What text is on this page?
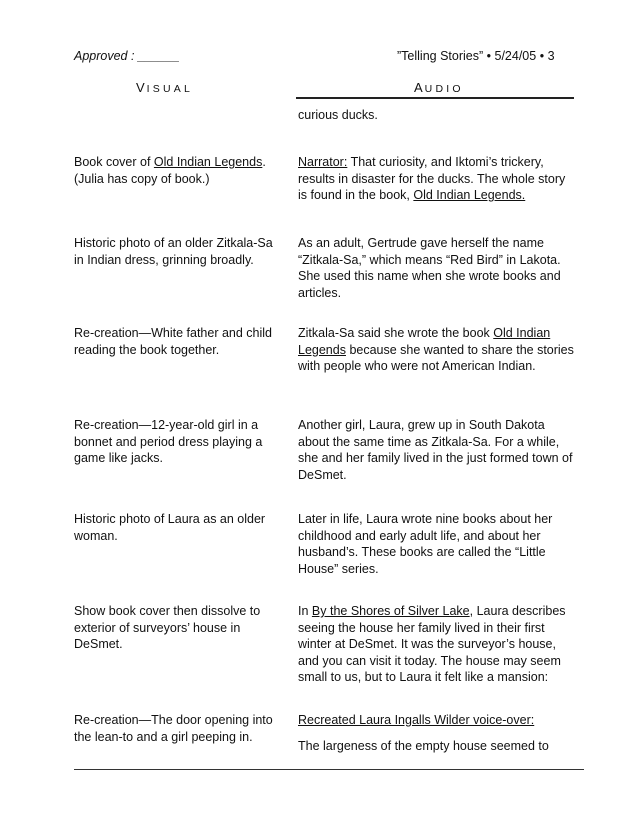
Approved : ______	”Telling Stories” • 5/24/05 • 3
VISUAL	AUDIO
curious ducks.
Book cover of Old Indian Legends. (Julia has copy of book.)
Narrator: That curiosity, and Iktomi’s trickery, results in disaster for the ducks. The whole story is found in the book, Old Indian Legends.
Historic photo of an older Zitkala-Sa in Indian dress, grinning broadly.
As an adult, Gertrude gave herself the name “Zitkala-Sa,” which means “Red Bird” in Lakota. She used this name when she wrote books and articles.
Re-creation—White father and child reading the book together.
Zitkala-Sa said she wrote the book Old Indian Legends because she wanted to share the stories with people who were not American Indian.
Re-creation—12-year-old girl in a bonnet and period dress playing a game like jacks.
Another girl, Laura, grew up in South Dakota about the same time as Zitkala-Sa. For a while, she and her family lived in the just formed town of DeSmet.
Historic photo of Laura as an older woman.
Later in life, Laura wrote nine books about her childhood and early adult life, and about her husband’s. These books are called the “Little House” series.
Show book cover then dissolve to exterior of surveyors’ house in DeSmet.
In By the Shores of Silver Lake, Laura describes seeing the house her family lived in their first winter at DeSmet. It was the surveyor’s house, and you can visit it today. The house may seem small to us, but to Laura it felt like a mansion:
Re-creation—The door opening into the lean-to and a girl peeping in.
Recreated Laura Ingalls Wilder voice-over:
The largeness of the empty house seemed to
